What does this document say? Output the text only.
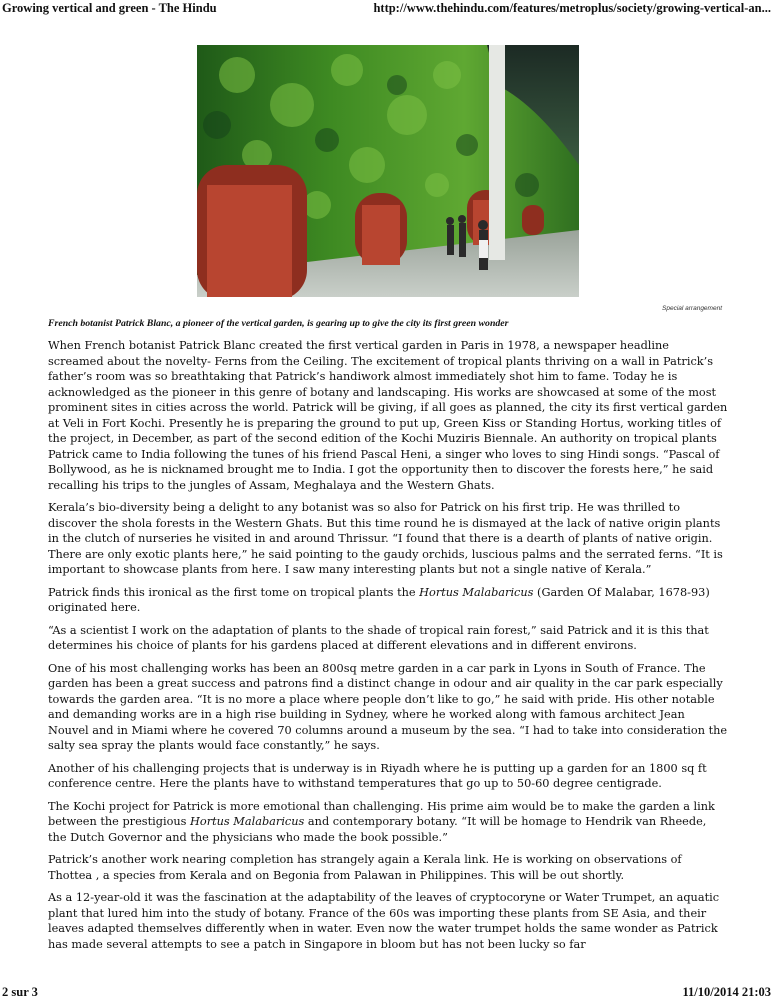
Growing vertical and green - The Hindu	http://www.thehindu.com/features/metroplus/society/growing-vertical-an...
Special arrangement
French botanist Patrick Blanc, a pioneer of the vertical garden, is gearing up to give the city its first green wonder

When French botanist Patrick Blanc created the first vertical garden in Paris in 1978, a newspaper headline screamed about the novelty- Ferns from the Ceiling. The excitement of tropical plants thriving on a wall in Patrick’s father’s room was so breathtaking that Patrick’s handiwork almost immediately shot him to fame. Today he is acknowledged as the pioneer in this genre of botany and landscaping. His works are showcased at some of the most prominent sites in cities across the world. Patrick will be giving, if all goes as planned, the city its first vertical garden at Veli in Fort Kochi. Presently he is preparing the ground to put up, Green Kiss or Standing Hortus, working titles of the project, in December, as part of the second edition of the Kochi Muziris Biennale. An authority on tropical plants Patrick came to India following the tunes of his friend Pascal Heni, a singer who loves to sing Hindi songs. “Pascal of Bollywood, as he is nicknamed brought me to India. I got the opportunity then to discover the forests here,” he said recalling his trips to the jungles of Assam, Meghalaya and the Western Ghats.

Kerala’s bio-diversity being a delight to any botanist was so also for Patrick on his first trip. He was thrilled to discover the shola forests in the Western Ghats. But this time round he is dismayed at the lack of native origin plants in the clutch of nurseries he visited in and around Thrissur. “I found that there is a dearth of plants of native origin. There are only exotic plants here,” he said pointing to the gaudy orchids, luscious palms and the serrated ferns. “It is important to showcase plants from here. I saw many interesting plants but not a single native of Kerala.”

Patrick finds this ironical as the first tome on tropical plants the Hortus Malabaricus (Garden Of Malabar, 1678-93) originated here.

“As a scientist I work on the adaptation of plants to the shade of tropical rain forest,” said Patrick and it is this that determines his choice of plants for his gardens placed at different elevations and in different environs.

One of his most challenging works has been an 800sq metre garden in a car park in Lyons in South of France. The garden has been a great success and patrons find a distinct change in odour and air quality in the car park especially towards the garden area. “It is no more a place where people don’t like to go,” he said with pride. His other notable and demanding works are in a high rise building in Sydney, where he worked along with famous architect Jean Nouvel and in Miami where he covered 70 columns around a museum by the sea. “I had to take into consideration the salty sea spray the plants would face constantly,” he says.

Another of his challenging projects that is underway is in Riyadh where he is putting up a garden for an 1800 sq ft conference centre. Here the plants have to withstand temperatures that go up to 50-60 degree centigrade.

The Kochi project for Patrick is more emotional than challenging. His prime aim would be to make the garden a link between the prestigious Hortus Malabaricus and contemporary botany. “It will be homage to Hendrik van Rheede, the Dutch Governor and the physicians who made the book possible.”

Patrick’s another work nearing completion has strangely again a Kerala link. He is working on observations of Thottea , a species from Kerala and on Begonia from Palawan in Philippines. This will be out shortly.

As a 12-year-old it was the fascination at the adaptability of the leaves of cryptocoryne or Water Trumpet, an aquatic plant that lured him into the study of botany. France of the 60s was importing these plants from SE Asia, and their leaves adapted themselves differently when in water. Even now the water trumpet holds the same wonder as Patrick has made several attempts to see a patch in Singapore in bloom but has not been lucky so far

2 sur 3	11/10/2014 21:03
